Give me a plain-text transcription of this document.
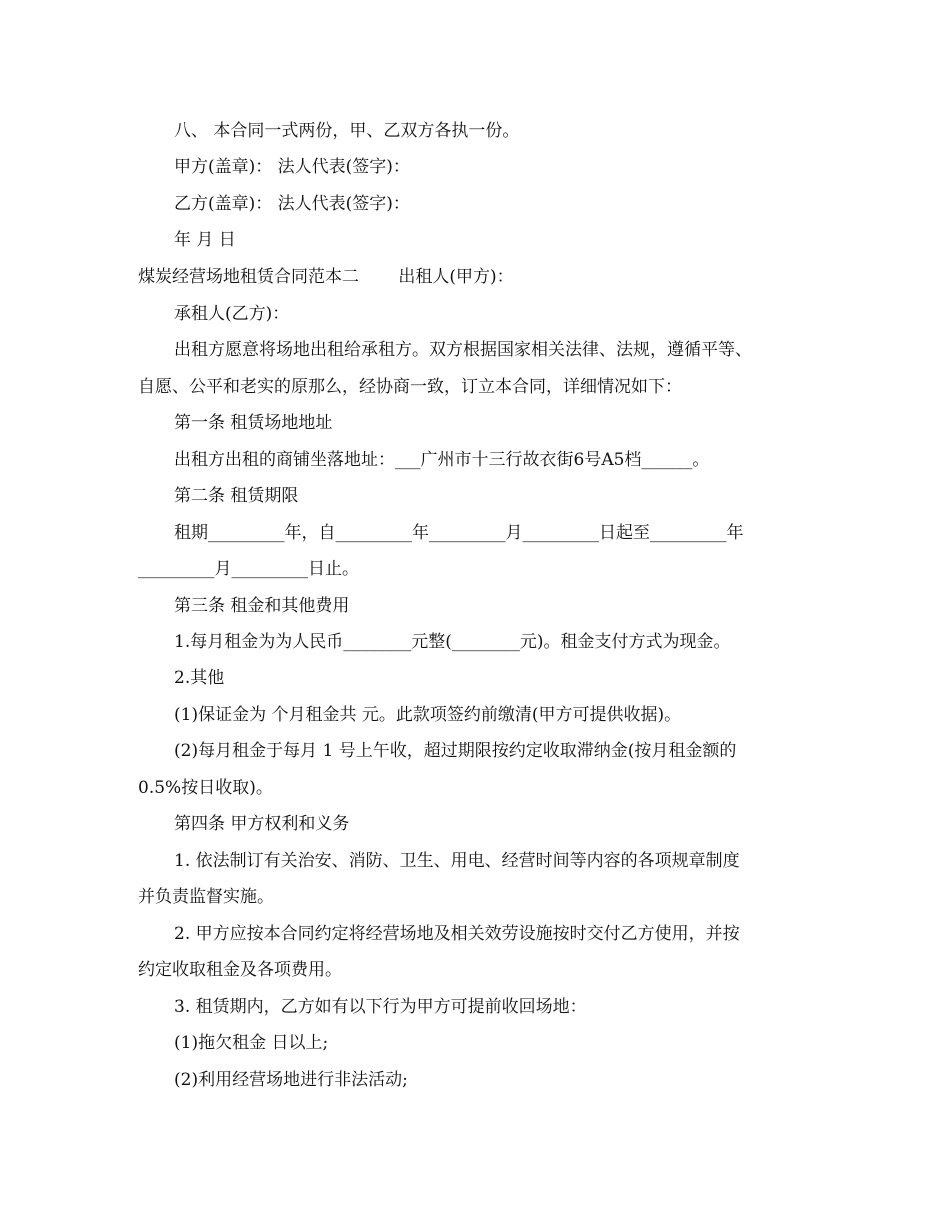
八、 本合同一式两份，甲、乙双方各执一份。

甲方(盖章)： 法人代表(签字)：

乙方(盖章)： 法人代表(签字)：

年 月 日

煤炭经营场地租赁合同范本二　　 出租人(甲方)：

承租人(乙方)：

出租方愿意将场地出租给承租方。双方根据国家相关法律、法规，遵循平等、

自愿、公平和老实的原那么，经协商一致，订立本合同，详细情况如下：

第一条 租赁场地地址

出租方出租的商铺坐落地址：___广州市十三行故衣街6号A5档______。

第二条 租赁期限

租期_________年，自_________年_________月_________日起至_________年

_________月_________日止。

第三条 租金和其他费用

1.每月租金为为人民币________元整(________元)。租金支付方式为现金。

2.其他

(1)保证金为 个月租金共 元。此款项签约前缴清(甲方可提供收据)。

(2)每月租金于每月 1 号上午收，超过期限按约定收取滞纳金(按月租金额的

0.5%按日收取)。

第四条 甲方权利和义务

1. 依法制订有关治安、消防、卫生、用电、经营时间等内容的各项规章制度

并负责监督实施。

2. 甲方应按本合同约定将经营场地及相关效劳设施按时交付乙方使用，并按

约定收取租金及各项费用。

3. 租赁期内，乙方如有以下行为甲方可提前收回场地：

(1)拖欠租金 日以上;

(2)利用经营场地进行非法活动;
